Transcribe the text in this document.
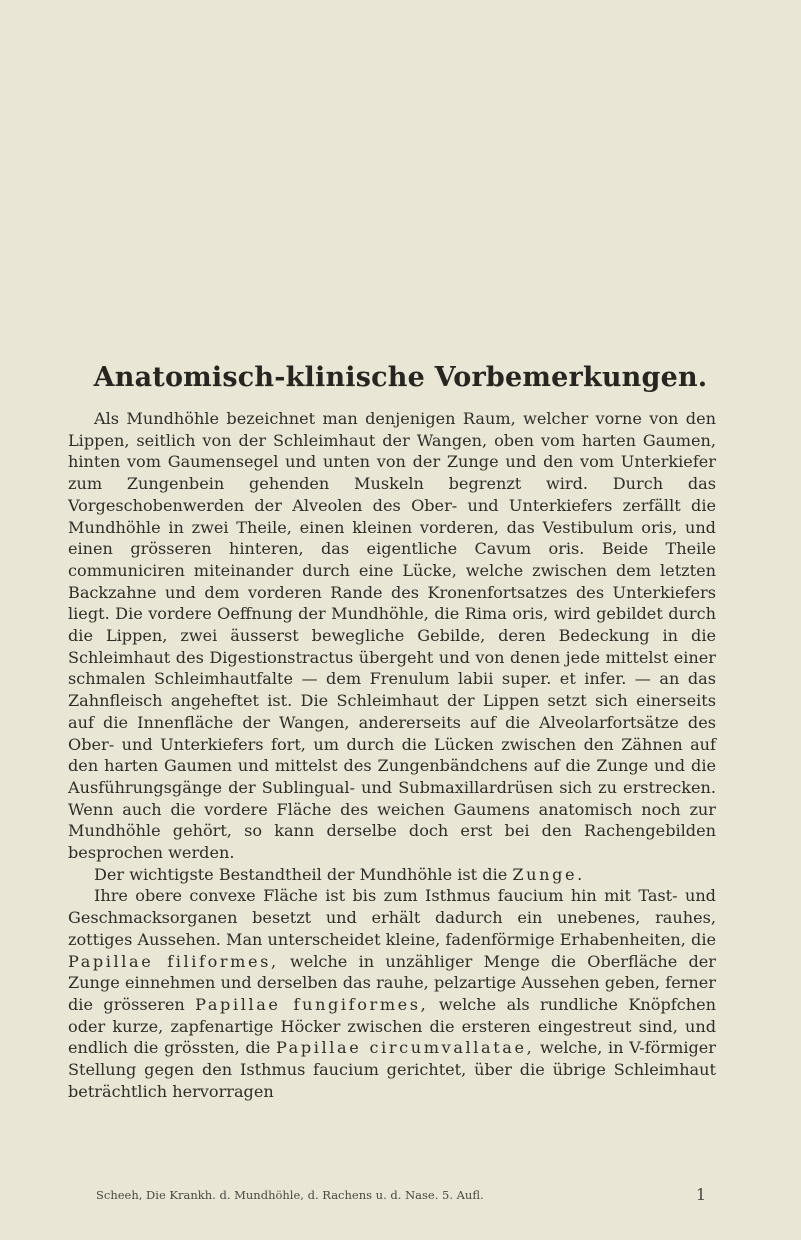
Anatomisch-klinische Vorbemerkungen.

Als Mundhöhle bezeichnet man denjenigen Raum, welcher vorne von den Lippen, seitlich von der Schleimhaut der Wangen, oben vom harten Gaumen, hinten vom Gaumensegel und unten von der Zunge und den vom Unterkiefer zum Zungenbein gehenden Muskeln begrenzt wird. Durch das Vorgeschobenwerden der Alveolen des Ober- und Unterkiefers zerfällt die Mundhöhle in zwei Theile, einen kleinen vorderen, das Vestibulum oris, und einen grösseren hinteren, das eigentliche Cavum oris. Beide Theile communiciren miteinander durch eine Lücke, welche zwischen dem letzten Backzahne und dem vorderen Rande des Kronenfortsatzes des Unterkiefers liegt. Die vordere Oeffnung der Mundhöhle, die Rima oris, wird gebildet durch die Lippen, zwei äusserst bewegliche Gebilde, deren Bedeckung in die Schleimhaut des Digestionstractus übergeht und von denen jede mittelst einer schmalen Schleimhautfalte — dem Frenulum labii super. et infer. — an das Zahnfleisch angeheftet ist. Die Schleimhaut der Lippen setzt sich einerseits auf die Innenfläche der Wangen, andererseits auf die Alveolarfortsätze des Ober- und Unterkiefers fort, um durch die Lücken zwischen den Zähnen auf den harten Gaumen und mittelst des Zungenbändchens auf die Zunge und die Ausführungsgänge der Sublingual- und Submaxillardrüsen sich zu erstrecken. Wenn auch die vordere Fläche des weichen Gaumens anatomisch noch zur Mundhöhle gehört, so kann derselbe doch erst bei den Rachengebilden besprochen werden.

Der wichtigste Bestandtheil der Mundhöhle ist die Zunge.

Ihre obere convexe Fläche ist bis zum Isthmus faucium hin mit Tast- und Geschmacksorganen besetzt und erhält dadurch ein unebenes, rauhes, zottiges Aussehen. Man unterscheidet kleine, fadenförmige Erhabenheiten, die Papillae filiformes, welche in unzähliger Menge die Oberfläche der Zunge einnehmen und derselben das rauhe, pelzartige Aussehen geben, ferner die grösseren Papillae fungiformes, welche als rundliche Knöpfchen oder kurze, zapfenartige Höcker zwischen die ersteren eingestreut sind, und endlich die grössten, die Papillae circumvallatae, welche, in V-förmiger Stellung gegen den Isthmus faucium gerichtet, über die übrige Schleimhaut beträchtlich hervorragen

Scheeh, Die Krankh. d. Mundhöhle, d. Rachens u. d. Nase. 5. Aufl.	1
